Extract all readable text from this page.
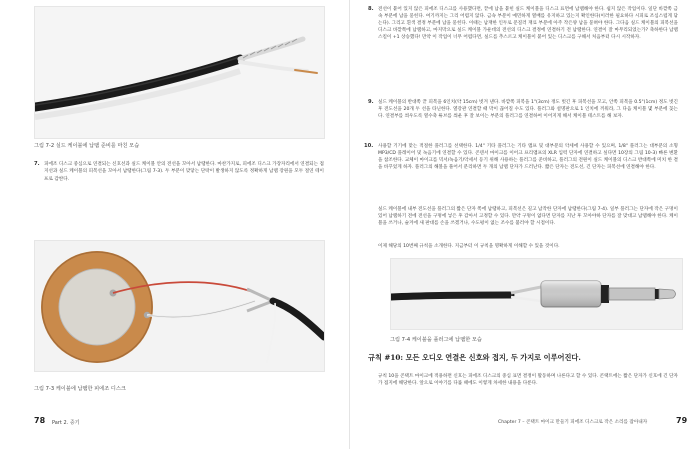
그림 7-2 실드 케이블에 납땜 준비를 마친 모습
7. 피에조 디스크 중심으로 연결되는 신호선과 실드 케이블 안의 전선을 꼬아서 납땜한다. 마찬가지로, 피에조 디스크 가장자리에서 연결되는 접지선과 실드 케이블의 피복선을 꼬아서 납땜한다(그림 7-3). 두 부분이 맞닿는 단락이 발생하지 않도록 정확하게 납땜 장원을 모두 절연 테이프로 감싼다.
그림 7-3 케이블에 납땜한 피에조 디스크
78 Part 2. 증기
8. 전선이 붙어 있지 않은 피에조 디스크를 사용했다면, 끝에 납을 붙힌 실드 케이블을 디스크 표면에 납땜해야 한다. 쉽지 않은 작업이다. 일단 바깥쪽 금속 부분에 납을 묻힌다. 여기까지는 그리 어렵지 않다. 금속 부분이 예민하게 열배를 유지하고 있는지 확인한다(이러한 필요하다 시피로 조심스럽게 닦는다). 그리고 흰색 결정 부분에 납을 묻힌다. 이때는 납재한 인두로 문질러 재료 부분에 아주 작은양 납을 묻혀야 한다. 그다음 실드 케이블의 피복선을 디스크 바깥쪽에 납땜하고, 마지막으로 실드 케이블 가운데의 전선의 디스크 결정에 연결하기 전 납땜한다. 연결이 잘 마무리되었는가? 축하한다 납땜 스킬이 +1 상승했다! 만약 이 작업이 너무 어렵다면, 실드를 추스르고 케이블이 붙어 있는 디스크를 구해서 처음부터 다시 시작하자.
9. 실드 케이블의 반대쪽 끝 피복을 6인치(약 15cm) 벗겨 낸다. 바깥쪽 피복을 1"(3cm) 정도 벗긴 후 피복선을 꼬고, 안쪽 피복을 0.5"(1cm) 정도 벗긴 후 전도선을 20개 두 선을 타닌한다. 열강관 연결할 때 막이 끊어질 수도 있다. 플러그와 설명판으로 1 인치에 끼워라, 그 다음 케이블 몇 부분에 꽂는다. 연결부를 씌우도록 열수축 튜브를 씌운 후 잘 보이는 부분의 플러그를 연결하여 이어지게 해서 케이블 테스트를 해 보자.
10. 사용할 기기에 맞는 적절한 플러그를 선택한다. 1/4" 기타 플러그는 기타 앰프 및 대부분의 악세에 사용할 수 있으며, 1/8" 플러그는 대부분의 소형 MP3/CD 플레이어 및 녹음기에 연결할 수 있다. 콘덴서 마이크를 이어크 프리앰프의 XLR 입력 단자에 연결하고 싶다면 10장의 그림 10-3) 빠른 변환을 참조한다. 교체이 마이크를 믹서/녹음기/악세서 등기 위해 사용하는 플러그를 준비하고, 플러그의 전원이 실드 케이블의 디스크 반대쪽에 미치 한 결을 바꾸었게 하자. 플러그의 해볼을 풀어서 분리하면 두 개의 납땜 단자가 드러난다. 짧은 단자는 전도선, 긴 단자는 피복선에 연결해야 한다.
실드 케이블에 내부 전도선을 플러그의 짧은 단자 쪽에 납땜하고, 피복선은 길고 납작한 단자에 납땜한다(그림 7-4). 일부 플러그는 단자에 작은 구멍이 있어 납땜하기 전에 전선을 구멍에 넣은 후 감아서 고정할 수 있다. 만약 구멍이 없다면 단자를 지난 후 꼬아야하 단자를 잘 맞대고 납땜해야 한다. 케이블을 쓰거나, 슬겨에 새 판대를 손을 쓰겠거나, 수도평이 없는 조수를 불러야 할 시점이다.
이제 해당의 10번째 규칙을 소개한다. 지금부터 이 규칙을 명확하게 이해할 수 있을 것이다.
그림 7-4 케이블을 플러그에 납땜한 모습
규칙 #10: 모든 오디오 연결은 신호와 접지, 두 가지로 이루어진다.
규칙 10을 콘택트 마이크에 적용하면 신호는 피에조 디스크의 중심 표면 결정이 활동하며 나른다고 할 수 있다. 콘택트에는 짧은 단자가 신호에 긴 단자가 접지에 해당한다. 앞으로 이야기를 다룰 때에도 이렇게 차세한 내용을 다룬다.
Chapter 7 – 콘택트 마이크 만들기 피에조 디스크로 작은 소리를 잡아내자	79
